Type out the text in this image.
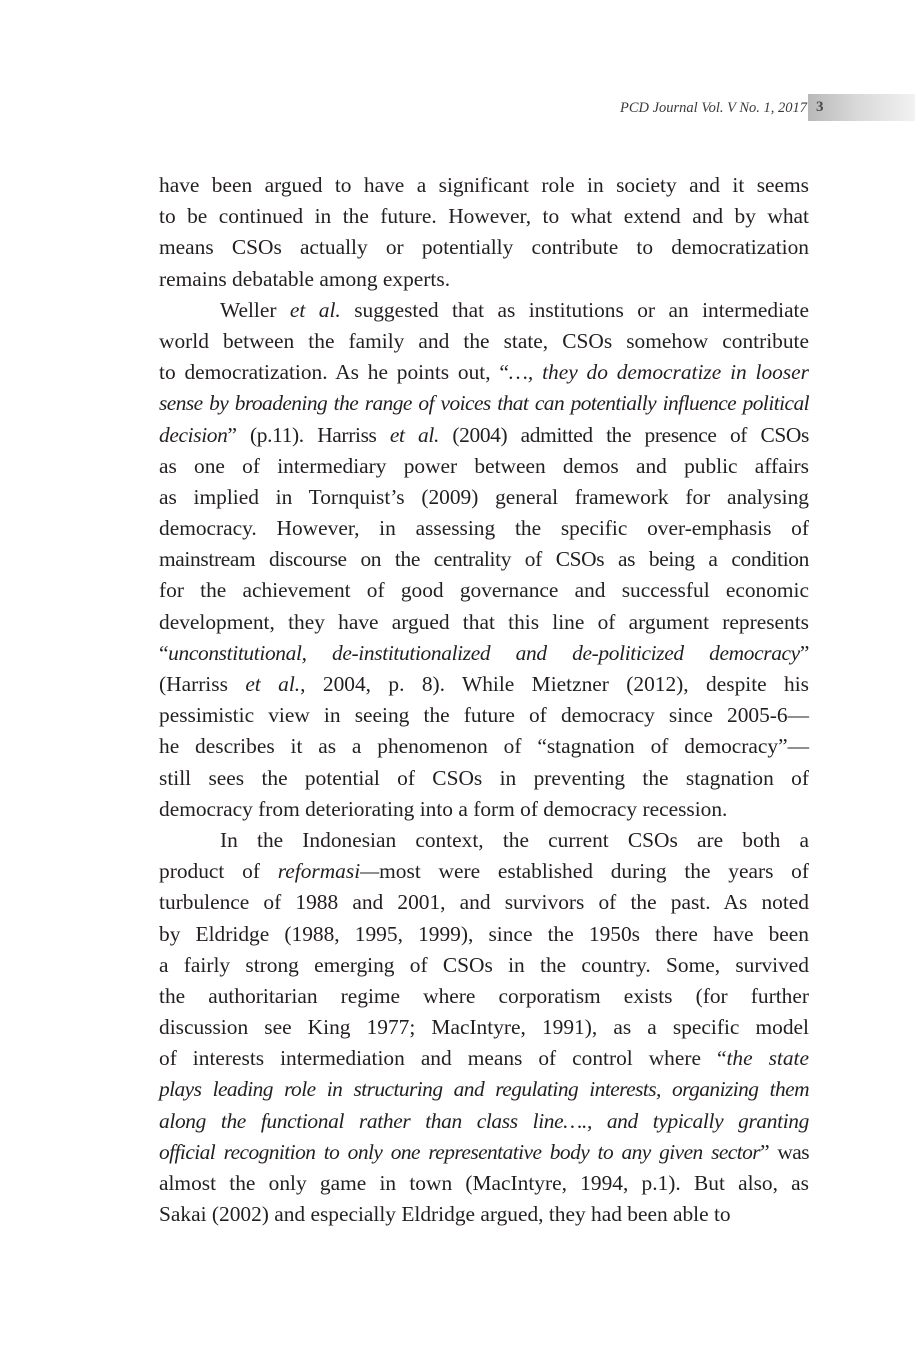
PCD Journal Vol. V No. 1, 2017 3

have been argued to have a significant role in society and it seems
to be continued in the future. However, to what extend and by what
means CSOs actually or potentially contribute to democratization
remains debatable among experts.

Weller et al. suggested that as institutions or an intermediate
world between the family and the state, CSOs somehow contribute
to democratization. As he points out, “…, they do democratize in looser
sense by broadening the range of voices that can potentially influence political
decision” (p.11). Harriss et al. (2004) admitted the presence of CSOs
as one of intermediary power between demos and public affairs
as implied in Tornquist’s (2009) general framework for analysing
democracy. However, in assessing the specific over-emphasis of
mainstream discourse on the centrality of CSOs as being a condition
for the achievement of good governance and successful economic
development, they have argued that this line of argument represents
“unconstitutional, de-institutionalized and de-politicized democracy”
(Harriss et al., 2004, p. 8). While Mietzner (2012), despite his
pessimistic view in seeing the future of democracy since 2005-6—
he describes it as a phenomenon of “stagnation of democracy”—
still sees the potential of CSOs in preventing the stagnation of
democracy from deteriorating into a form of democracy recession.

In the Indonesian context, the current CSOs are both a
product of reformasi—most were established during the years of
turbulence of 1988 and 2001, and survivors of the past. As noted
by Eldridge (1988, 1995, 1999), since the 1950s there have been
a fairly strong emerging of CSOs in the country. Some, survived
the authoritarian regime where corporatism exists (for further
discussion see King 1977; MacIntyre, 1991), as a specific model
of interests intermediation and means of control where “the state
plays leading role in structuring and regulating interests, organizing them
along the functional rather than class line…., and typically granting
official recognition to only one representative body to any given sector” was
almost the only game in town (MacIntyre, 1994, p.1). But also, as
Sakai (2002) and especially Eldridge argued, they had been able to
